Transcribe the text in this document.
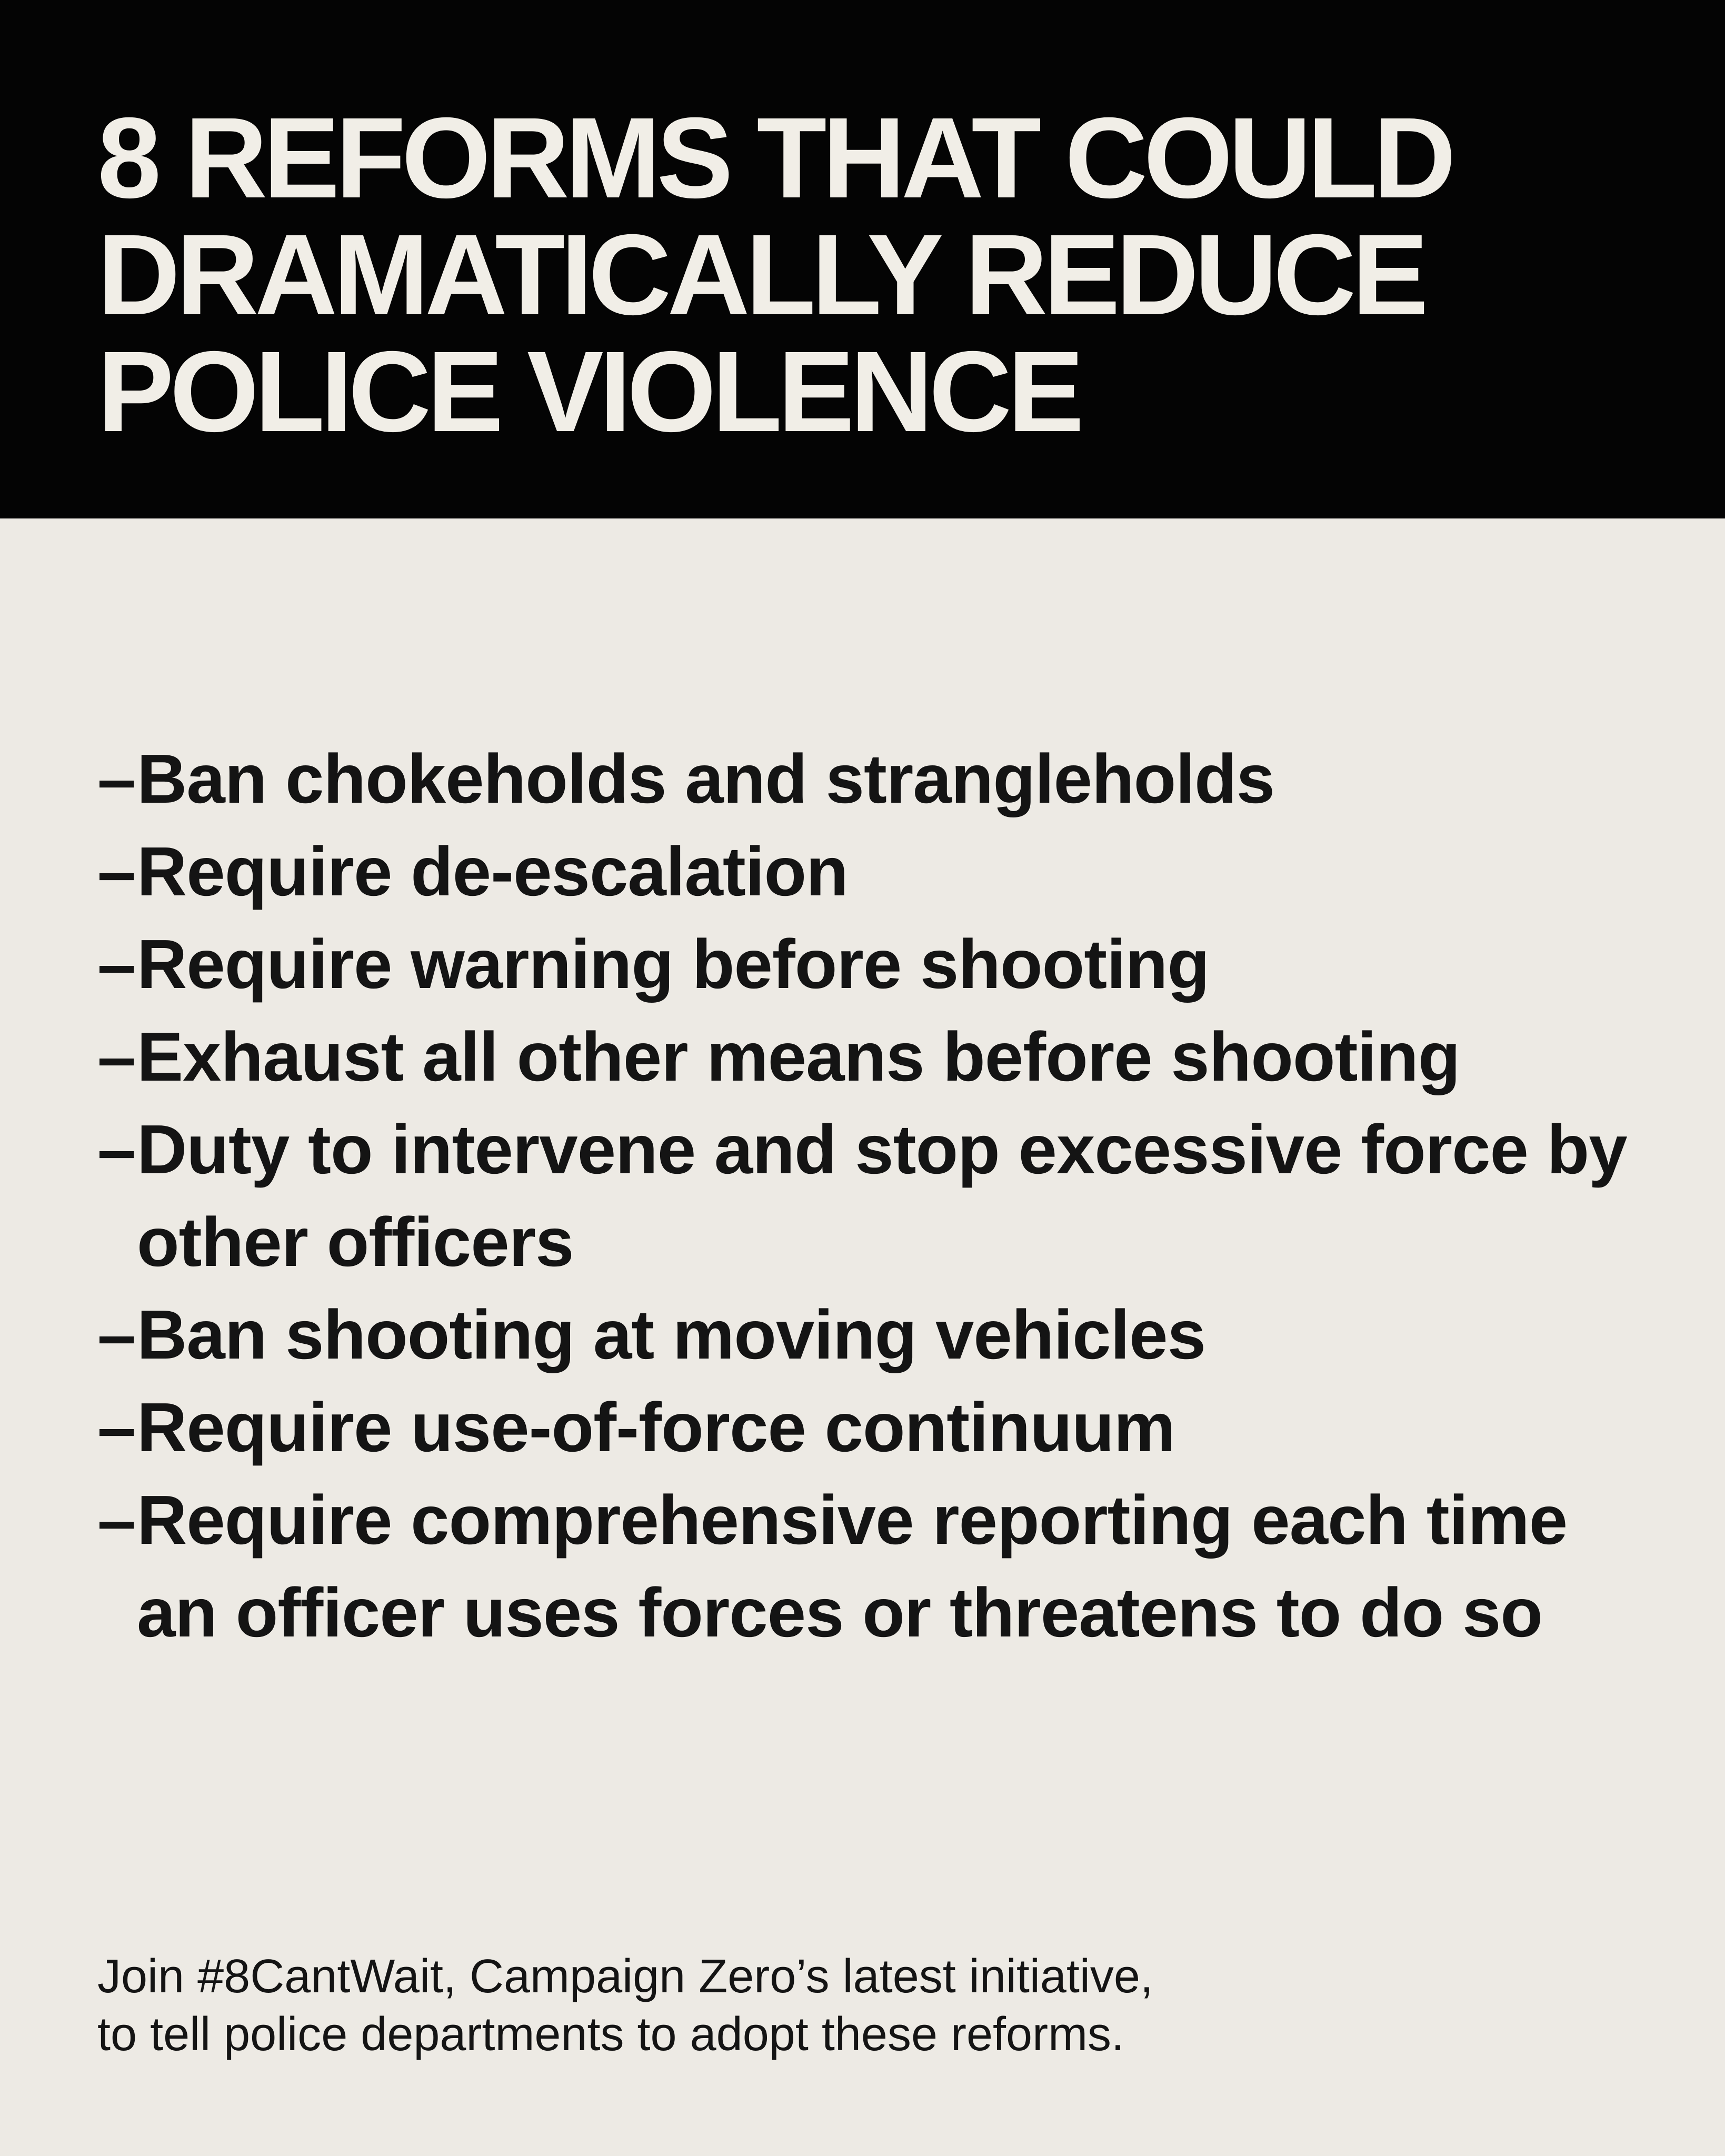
8 REFORMS THAT COULD
DRAMATICALLY REDUCE
POLICE VIOLENCE
–Ban chokeholds and strangleholds
–Require de-escalation
–Require warning before shooting
–Exhaust all other means before shooting
–Duty to intervene and stop excessive force by other officers
–Ban shooting at moving vehicles
–Require use-of-force continuum
–Require comprehensive reporting each time an officer uses forces or threatens to do so

Join #8CantWait, Campaign Zero’s latest initiative,
to tell police departments to adopt these reforms.
